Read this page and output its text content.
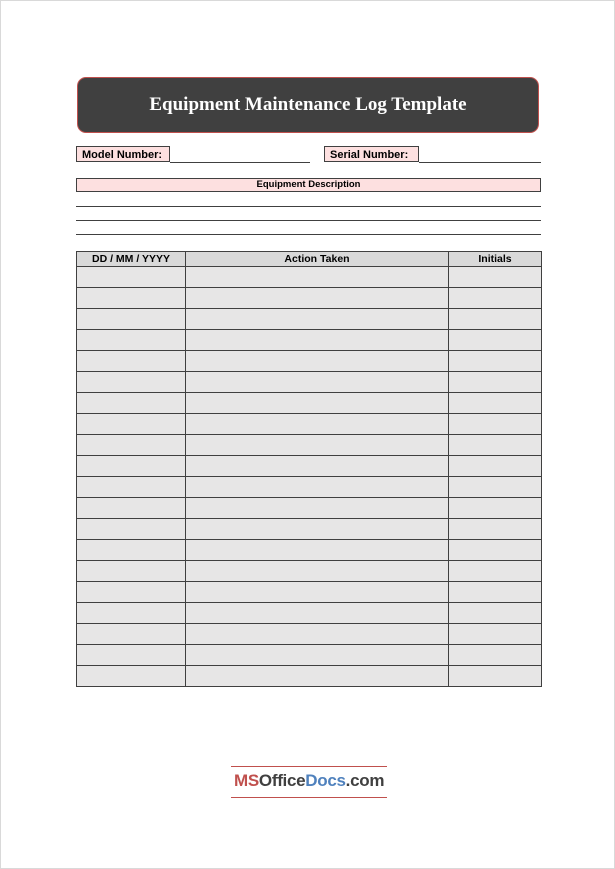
Equipment Maintenance Log Template
Model Number:	Serial Number:
Equipment Description
DD / MM / YYYY	Action Taken	Initials

MSOfficeDocs.com
